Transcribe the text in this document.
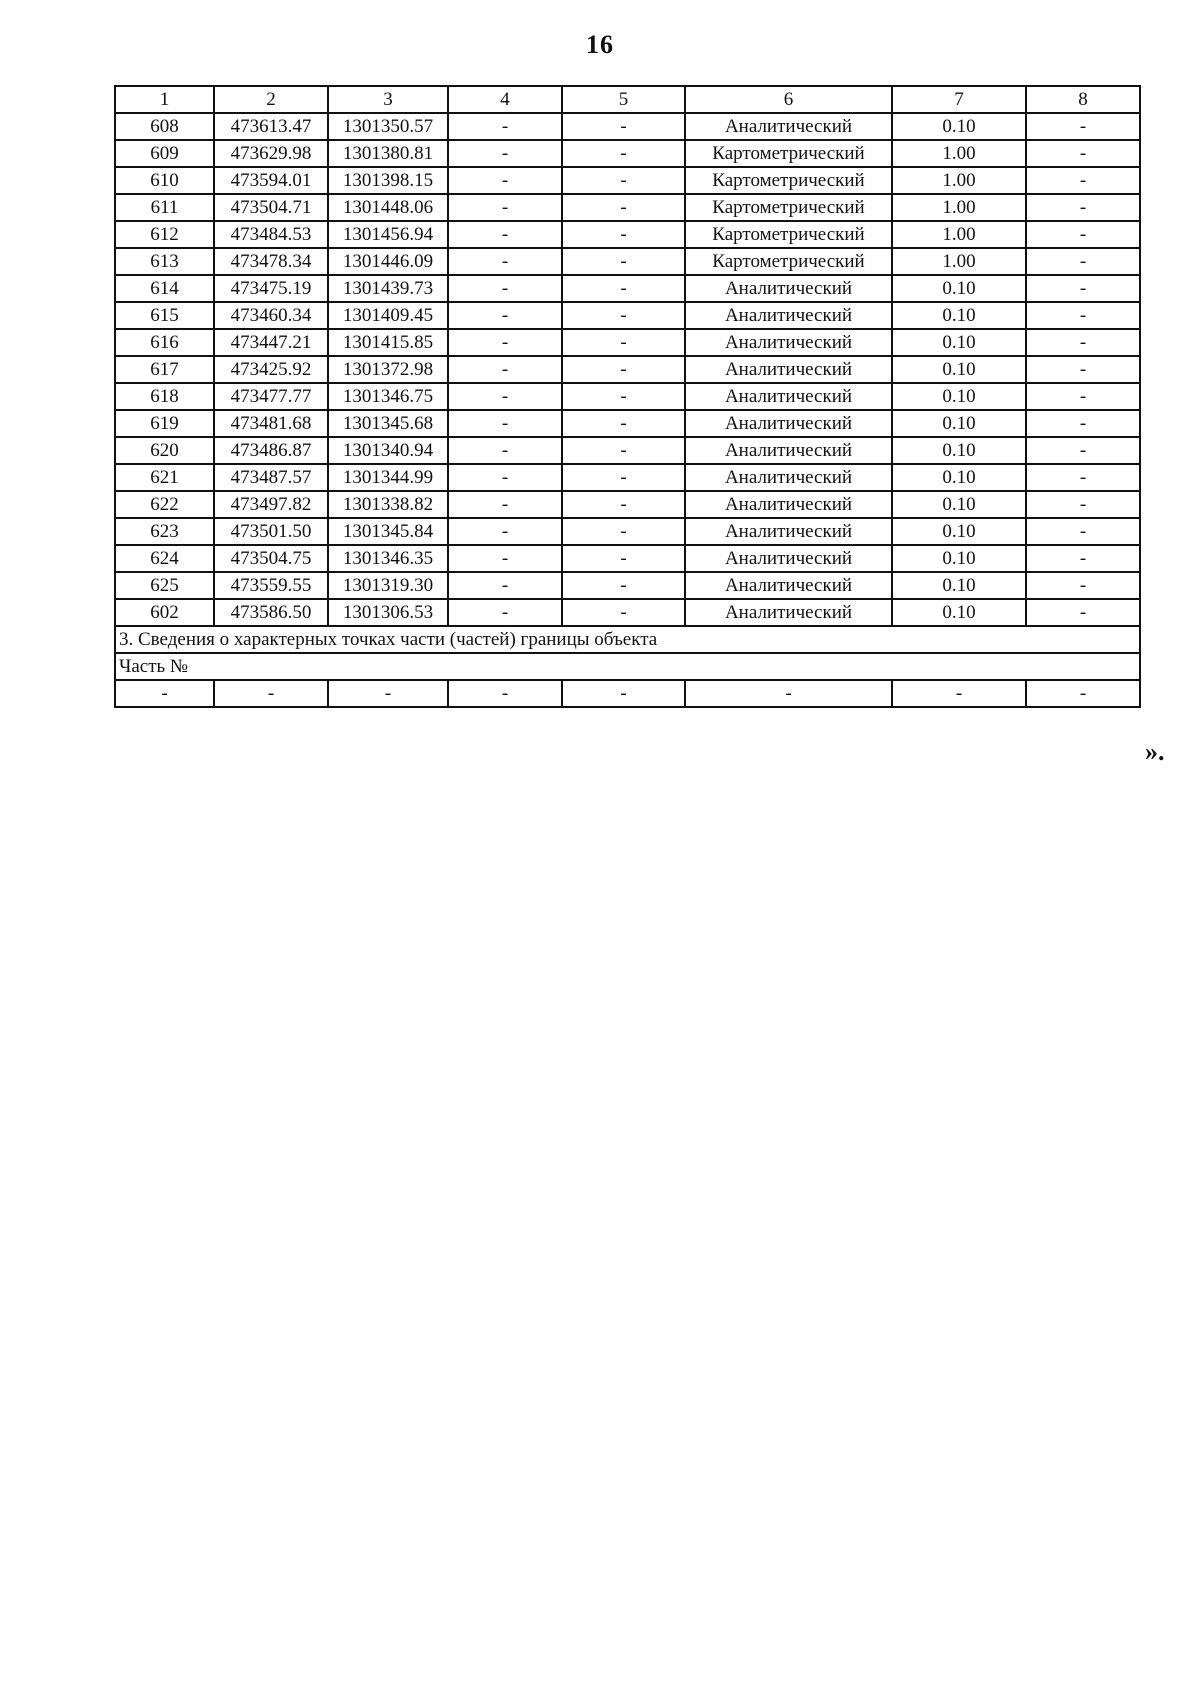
16
1	2	3	4	5	6	7	8
608	473613.47	1301350.57	-	-	Аналитический	0.10	-
609	473629.98	1301380.81	-	-	Картометрический	1.00	-
610	473594.01	1301398.15	-	-	Картометрический	1.00	-
611	473504.71	1301448.06	-	-	Картометрический	1.00	-
612	473484.53	1301456.94	-	-	Картометрический	1.00	-
613	473478.34	1301446.09	-	-	Картометрический	1.00	-
614	473475.19	1301439.73	-	-	Аналитический	0.10	-
615	473460.34	1301409.45	-	-	Аналитический	0.10	-
616	473447.21	1301415.85	-	-	Аналитический	0.10	-
617	473425.92	1301372.98	-	-	Аналитический	0.10	-
618	473477.77	1301346.75	-	-	Аналитический	0.10	-
619	473481.68	1301345.68	-	-	Аналитический	0.10	-
620	473486.87	1301340.94	-	-	Аналитический	0.10	-
621	473487.57	1301344.99	-	-	Аналитический	0.10	-
622	473497.82	1301338.82	-	-	Аналитический	0.10	-
623	473501.50	1301345.84	-	-	Аналитический	0.10	-
624	473504.75	1301346.35	-	-	Аналитический	0.10	-
625	473559.55	1301319.30	-	-	Аналитический	0.10	-
602	473586.50	1301306.53	-	-	Аналитический	0.10	-
3. Сведения о характерных точках части (частей) границы объекта							
Часть №							
-	-	-	-	-	-	-	-
».
